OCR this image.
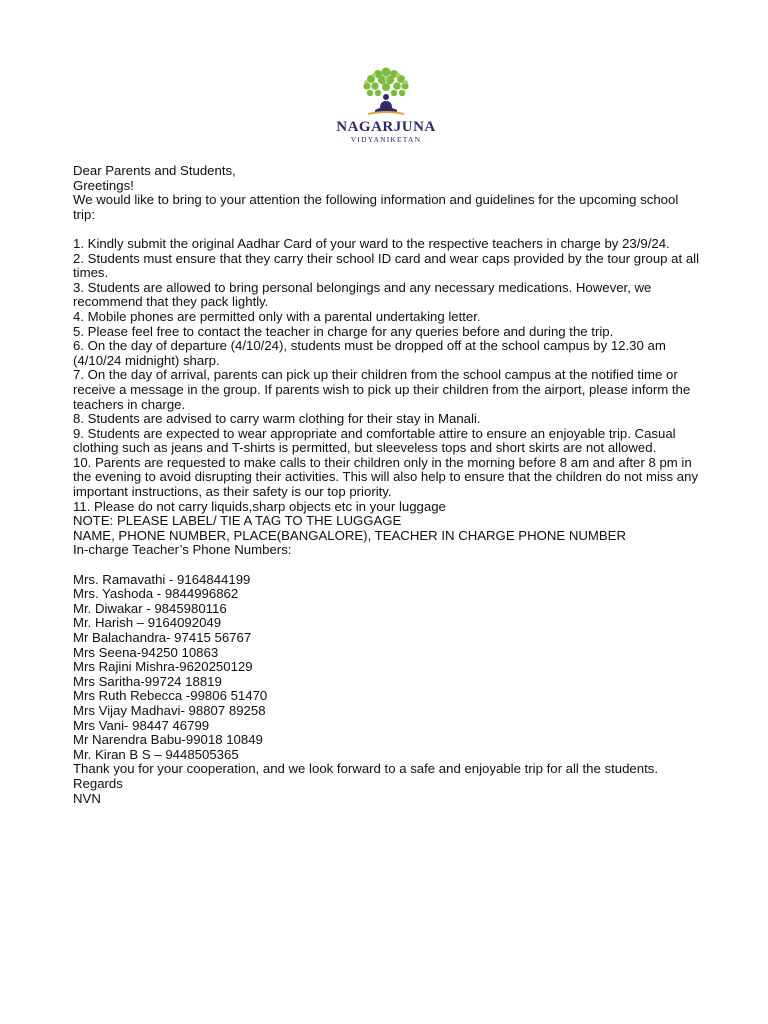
NAGARJUNA
VIDYANIKETAN

Dear Parents and Students,

Greetings!

We would like to bring to your attention the following information and guidelines for the upcoming school trip:

1. Kindly submit the original Aadhar Card of your ward to the respective teachers in charge by 23/9/24.

2. Students must ensure that they carry their school ID card and wear caps provided by the tour group at all times.

3. Students are allowed to bring personal belongings and any necessary medications. However, we recommend that they pack lightly.

4. Mobile phones are permitted only with a parental undertaking letter.

5. Please feel free to contact the teacher in charge for any queries before and during the trip.

6. On the day of departure (4/10/24), students must be dropped off at the school campus by 12.30 am (4/10/24 midnight) sharp.

7. On the day of arrival, parents can pick up their children from the school campus at the notified time or receive a message in the group. If parents wish to pick up their children from the airport, please inform the teachers in charge.

8. Students are advised to carry warm clothing for their stay in Manali.

9. Students are expected to wear appropriate and comfortable attire to ensure an enjoyable trip. Casual clothing such as jeans and T-shirts is permitted, but sleeveless tops and short skirts are not allowed.

10. Parents are requested to make calls to their children only in the morning before 8 am and after 8 pm in the evening to avoid disrupting their activities. This will also help to ensure that the children do not miss any important instructions, as their safety is our top priority.

11. Please do not carry liquids,sharp objects etc in your luggage

NOTE: PLEASE LABEL/ TIE A TAG TO THE LUGGAGE

NAME, PHONE NUMBER, PLACE(BANGALORE), TEACHER IN CHARGE PHONE NUMBER

In-charge Teacher’s Phone Numbers:

Mrs. Ramavathi - 9164844199

Mrs. Yashoda - 9844996862

Mr. Diwakar - 9845980116

Mr. Harish – 9164092049

Mr Balachandra- 97415 56767

Mrs Seena-94250 10863

Mrs Rajini Mishra-9620250129

Mrs Saritha-99724 18819

Mrs Ruth Rebecca -99806 51470

Mrs Vijay Madhavi- 98807 89258

Mrs Vani- 98447 46799

Mr Narendra Babu-99018 10849

Mr. Kiran B S – 9448505365

Thank you for your cooperation, and we look forward to a safe and enjoyable trip for all the students.

Regards

NVN
